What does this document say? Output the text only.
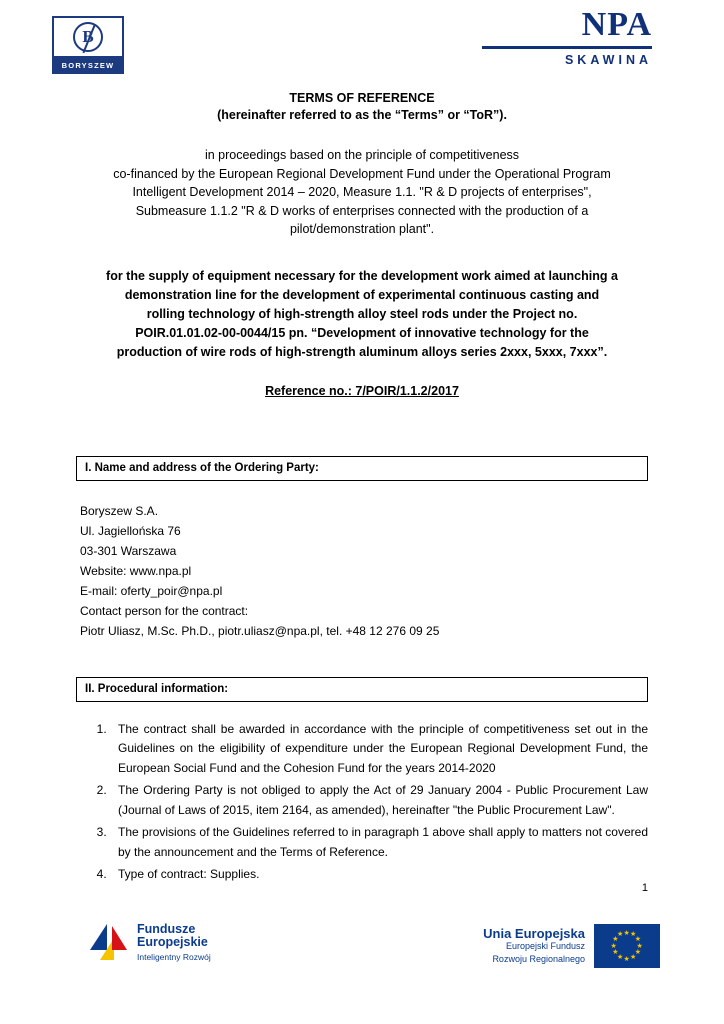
B
BORYSZEW
NPA
SKAWINA
TERMS OF REFERENCE
(hereinafter referred to as the “Terms” or “ToR”).
in proceedings based on the principle of competitiveness
co-financed by the European Regional Development Fund under the Operational Program
Intelligent Development 2014 – 2020, Measure 1.1. "R & D projects of enterprises",
Submeasure 1.1.2 "R & D works of enterprises connected with the production of a
pilot/demonstration plant".
for the supply of equipment necessary for the development work aimed at launching a
demonstration line for the development of experimental continuous casting and
rolling technology of high-strength alloy steel rods under the Project no.
POIR.01.01.02-00-0044/15 pn. “Development of innovative technology for the
production of wire rods of high-strength aluminum alloys series 2xxx, 5xxx, 7xxx”.
Reference no.: 7/POIR/1.1.2/2017
I. Name and address of the Ordering Party:
Boryszew S.A.
Ul. Jagiellońska 76
03-301 Warszawa
Website: www.npa.pl
E-mail: oferty_poir@npa.pl
Contact person for the contract:
Piotr Uliasz, M.Sc. Ph.D., piotr.uliasz@npa.pl, tel. +48 12 276 09 25
II. Procedural information:
1. The contract shall be awarded in accordance with the principle of competitiveness set out in the Guidelines on the eligibility of expenditure under the European Regional Development Fund, the European Social Fund and the Cohesion Fund for the years 2014-2020
2. The Ordering Party is not obliged to apply the Act of 29 January 2004 - Public Procurement Law (Journal of Laws of 2015, item 2164, as amended), hereinafter "the Public Procurement Law".
3. The provisions of the Guidelines referred to in paragraph 1 above shall apply to matters not covered by the announcement and the Terms of Reference.
4. Type of contract: Supplies.
1
Fundusze
Europejskie
Inteligentny Rozwój
Unia Europejska
Europejski Fundusz
Rozwoju Regionalnego
★ ★
★
★
★
★
★
★
★
★
★
★
